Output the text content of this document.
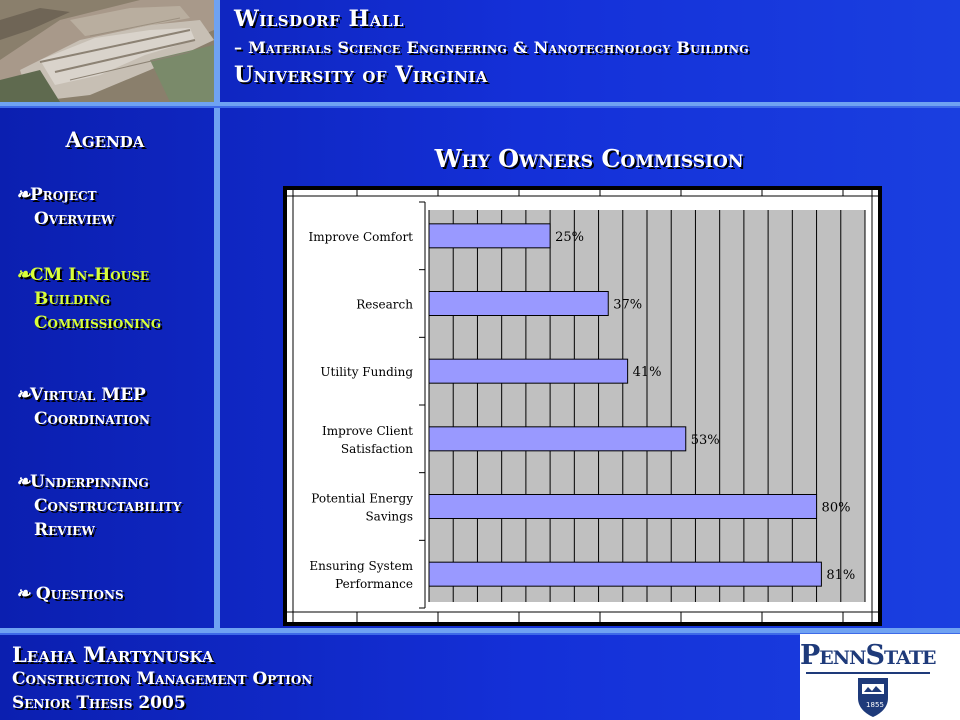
Wilsdorf Hall
– Materials Science Engineering & Nanotechnology Building
University of Virginia
Agenda
❧Project
Overview
❧CM In-House
Building
Commissioning
❧Virtual MEP
Coordination
❧Underpinning
Constructability
Review
❧ Questions
Why Owners Commission
25%
Improve Comfort
37%
Research
41%
Utility Funding
53%
Improve Client
Satisfaction
80%
Potential Energy
Savings
81%
Ensuring System
Performance
Leaha Martynuska
Construction Management Option
Senior Thesis 2005
PennState
18 55
